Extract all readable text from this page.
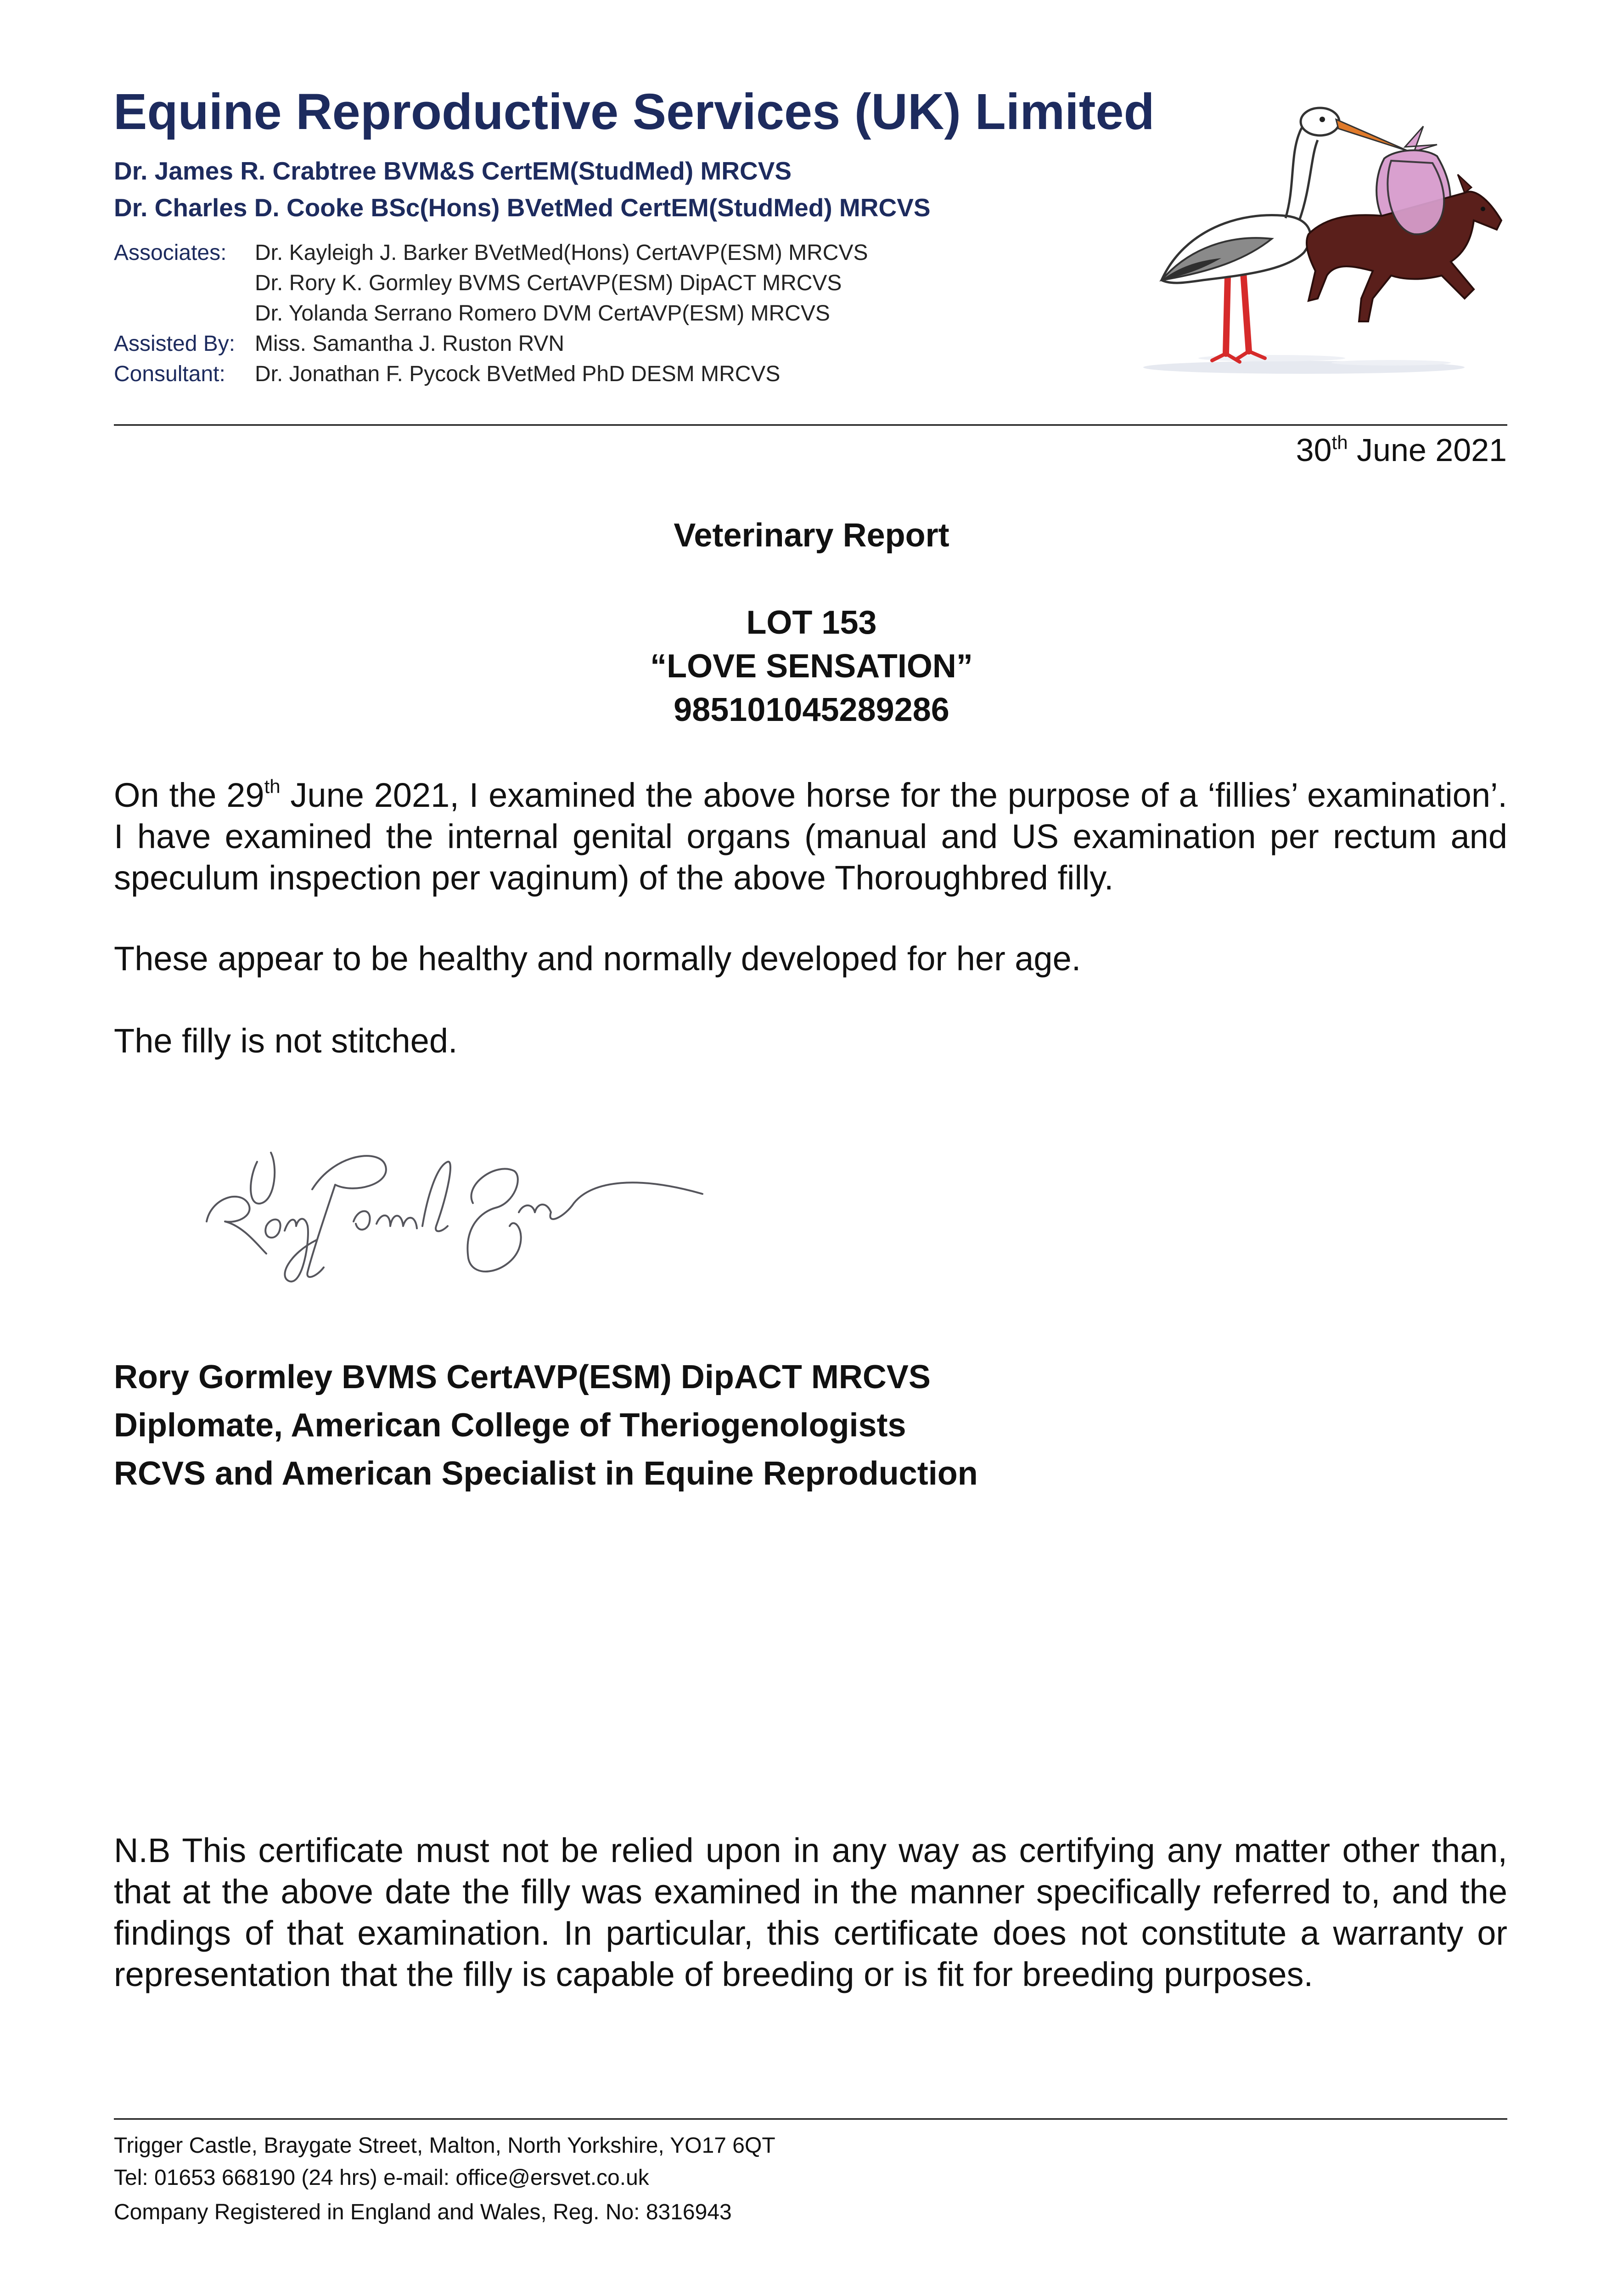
Equine Reproductive Services (UK) Limited
Dr. James R. Crabtree BVM&S CertEM(StudMed) MRCVS
Dr. Charles D. Cooke BSc(Hons) BVetMed CertEM(StudMed) MRCVS
Associates: Dr. Kayleigh J. Barker BVetMed(Hons) CertAVP(ESM) MRCVS
Dr. Rory K. Gormley BVMS CertAVP(ESM) DipACT MRCVS
Dr. Yolanda Serrano Romero DVM CertAVP(ESM) MRCVS
Assisted By: Miss. Samantha J. Ruston RVN
Consultant: Dr. Jonathan F. Pycock BVetMed PhD DESM MRCVS
30th June 2021
Veterinary Report
LOT 153
“LOVE SENSATION”
985101045289286
On the 29th June 2021, I examined the above horse for the purpose of a ‘fillies’ examination’. I have examined the internal genital organs (manual and US examination per rectum and speculum inspection per vaginum) of the above Thoroughbred filly.
These appear to be healthy and normally developed for her age.
The filly is not stitched.
Rory Gormley BVMS CertAVP(ESM) DipACT MRCVS
Diplomate, American College of Theriogenologists
RCVS and American Specialist in Equine Reproduction
N.B This certificate must not be relied upon in any way as certifying any matter other than, that at the above date the filly was examined in the manner specifically referred to, and the findings of that examination. In particular, this certificate does not constitute a warranty or representation that the filly is capable of breeding or is fit for breeding purposes.
Trigger Castle, Braygate Street, Malton, North Yorkshire, YO17 6QT
Tel: 01653 668190 (24 hrs) e-mail: office@ersvet.co.uk
Company Registered in England and Wales, Reg. No: 8316943
